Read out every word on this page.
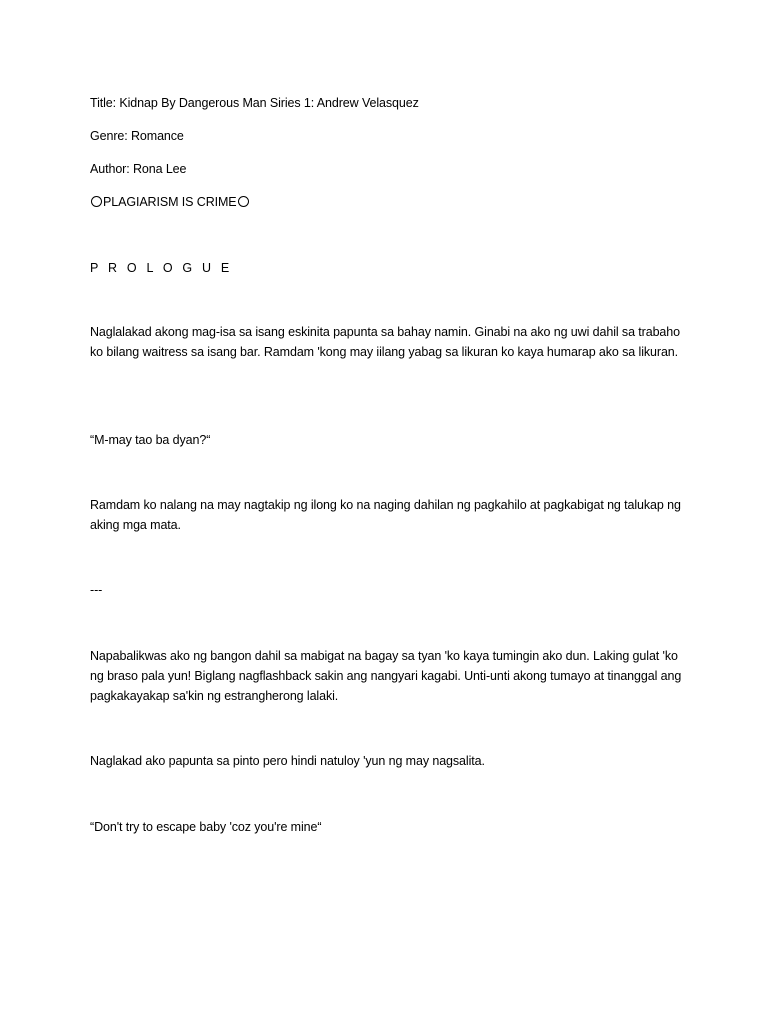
Title: Kidnap By Dangerous Man Siries 1: Andrew Velasquez
Genre: Romance
Author: Rona Lee
PLAGIARISM IS CRIME
P R O L O G U E
Naglalakad akong mag-isa sa isang eskinita papunta sa bahay namin. Ginabi na ako ng uwi dahil sa trabaho ko bilang waitress sa isang bar. Ramdam 'kong may iilang yabag sa likuran ko kaya humarap ako sa likuran.
“M-may tao ba dyan?“
Ramdam ko nalang na may nagtakip ng ilong ko na naging dahilan ng pagkahilo at pagkabigat ng talukap ng aking mga mata.
---
Napabalikwas ako ng bangon dahil sa mabigat na bagay sa tyan 'ko kaya tumingin ako dun. Laking gulat 'ko ng braso pala yun! Biglang nagflashback sakin ang nangyari kagabi. Unti-unti akong tumayo at tinanggal ang pagkakayakap sa'kin ng estrangherong lalaki.
Naglakad ako papunta sa pinto pero hindi natuloy 'yun ng may nagsalita.
“Don't try to escape baby 'coz you're mine“
